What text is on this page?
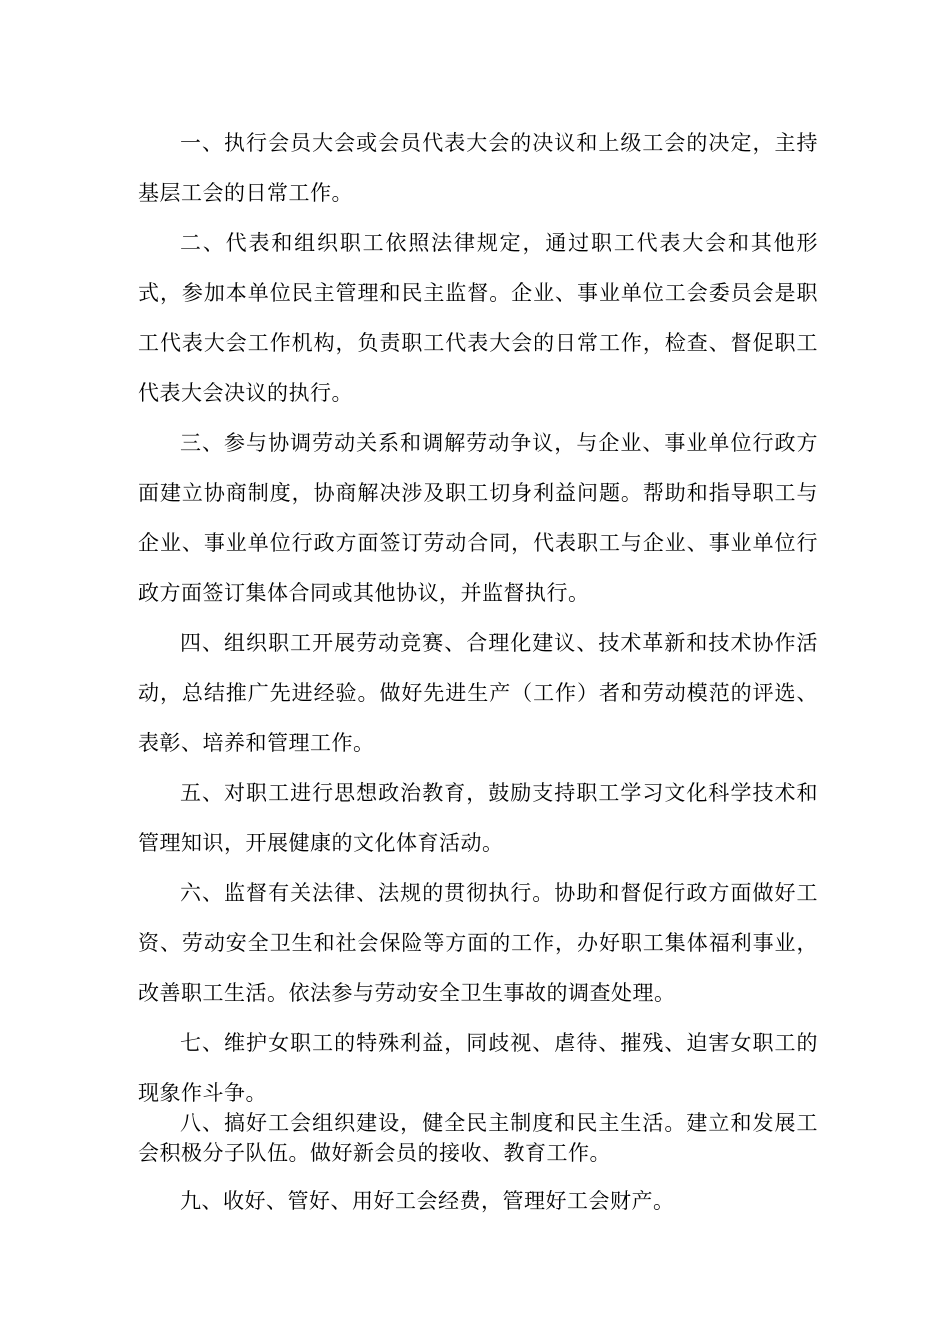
一、执行会员大会或会员代表大会的决议和上级工会的决定，主持基层工会的日常工作。

二、代表和组织职工依照法律规定，通过职工代表大会和其他形式，参加本单位民主管理和民主监督。企业、事业单位工会委员会是职工代表大会工作机构，负责职工代表大会的日常工作，检查、督促职工代表大会决议的执行。

三、参与协调劳动关系和调解劳动争议，与企业、事业单位行政方面建立协商制度，协商解决涉及职工切身利益问题。帮助和指导职工与企业、事业单位行政方面签订劳动合同，代表职工与企业、事业单位行政方面签订集体合同或其他协议，并监督执行。

四、组织职工开展劳动竞赛、合理化建议、技术革新和技术协作活动，总结推广先进经验。做好先进生产（工作）者和劳动模范的评选、表彰、培养和管理工作。

五、对职工进行思想政治教育，鼓励支持职工学习文化科学技术和管理知识，开展健康的文化体育活动。

六、监督有关法律、法规的贯彻执行。协助和督促行政方面做好工资、劳动安全卫生和社会保险等方面的工作，办好职工集体福利事业，改善职工生活。依法参与劳动安全卫生事故的调查处理。

七、维护女职工的特殊利益，同歧视、虐待、摧残、迫害女职工的现象作斗争。

八、搞好工会组织建设，健全民主制度和民主生活。建立和发展工会积极分子队伍。做好新会员的接收、教育工作。

九、收好、管好、用好工会经费，管理好工会财产。
